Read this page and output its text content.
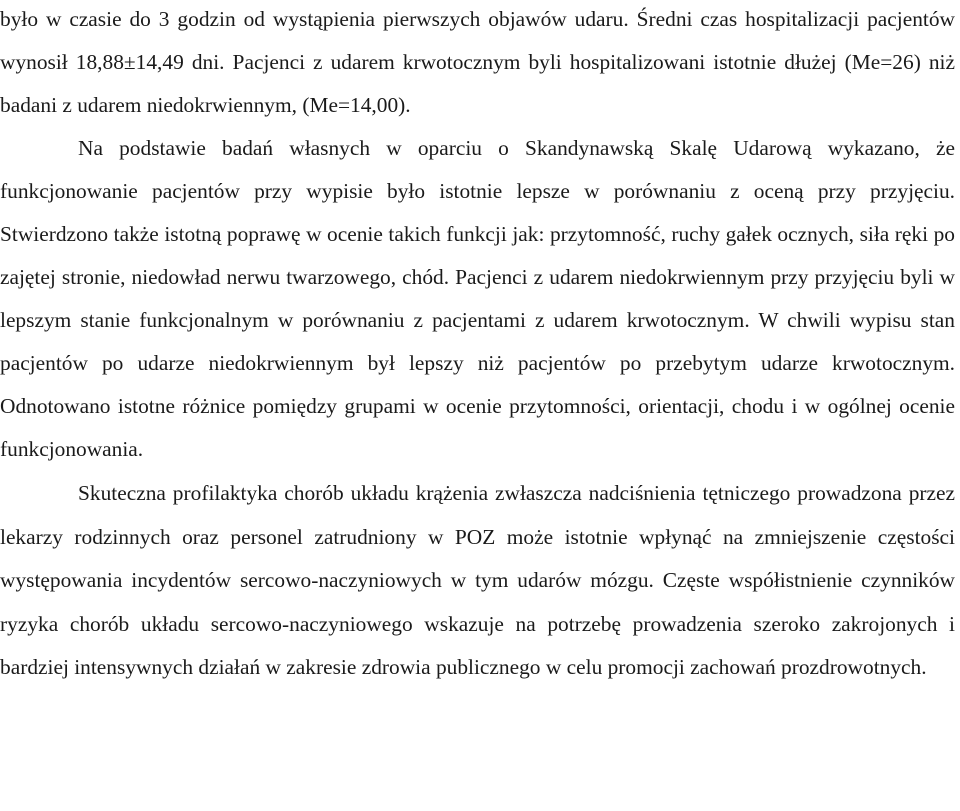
było w czasie do 3 godzin od wystąpienia pierwszych objawów udaru. Średni czas hospitalizacji pacjentów wynosił 18,88±14,49 dni. Pacjenci z udarem krwotocznym byli hospitalizowani istotnie dłużej (Me=26) niż badani z udarem niedokrwiennym, (Me=14,00).

Na podstawie badań własnych w oparciu o Skandynawską Skalę Udarową wykazano, że funkcjonowanie pacjentów przy wypisie było istotnie lepsze w porównaniu z oceną przy przyjęciu. Stwierdzono także istotną poprawę w ocenie takich funkcji jak: przytomność, ruchy gałek ocznych, siła ręki po zajętej stronie, niedowład nerwu twarzowego, chód. Pacjenci z udarem niedokrwiennym przy przyjęciu byli w lepszym stanie funkcjonalnym w porównaniu z pacjentami z udarem krwotocznym. W chwili wypisu stan pacjentów po udarze niedokrwiennym był lepszy niż pacjentów po przebytym udarze krwotocznym. Odnotowano istotne różnice pomiędzy grupami w ocenie przytomności, orientacji, chodu i w ogólnej ocenie funkcjonowania.

Skuteczna profilaktyka chorób układu krążenia zwłaszcza nadciśnienia tętniczego prowadzona przez lekarzy rodzinnych oraz personel zatrudniony w POZ może istotnie wpłynąć na zmniejszenie częstości występowania incydentów sercowo-naczyniowych w tym udarów mózgu. Częste współistnienie czynników ryzyka chorób układu sercowo-naczyniowego wskazuje na potrzebę prowadzenia szeroko zakrojonych i bardziej intensywnych działań w zakresie zdrowia publicznego w celu promocji zachowań prozdrowotnych.
